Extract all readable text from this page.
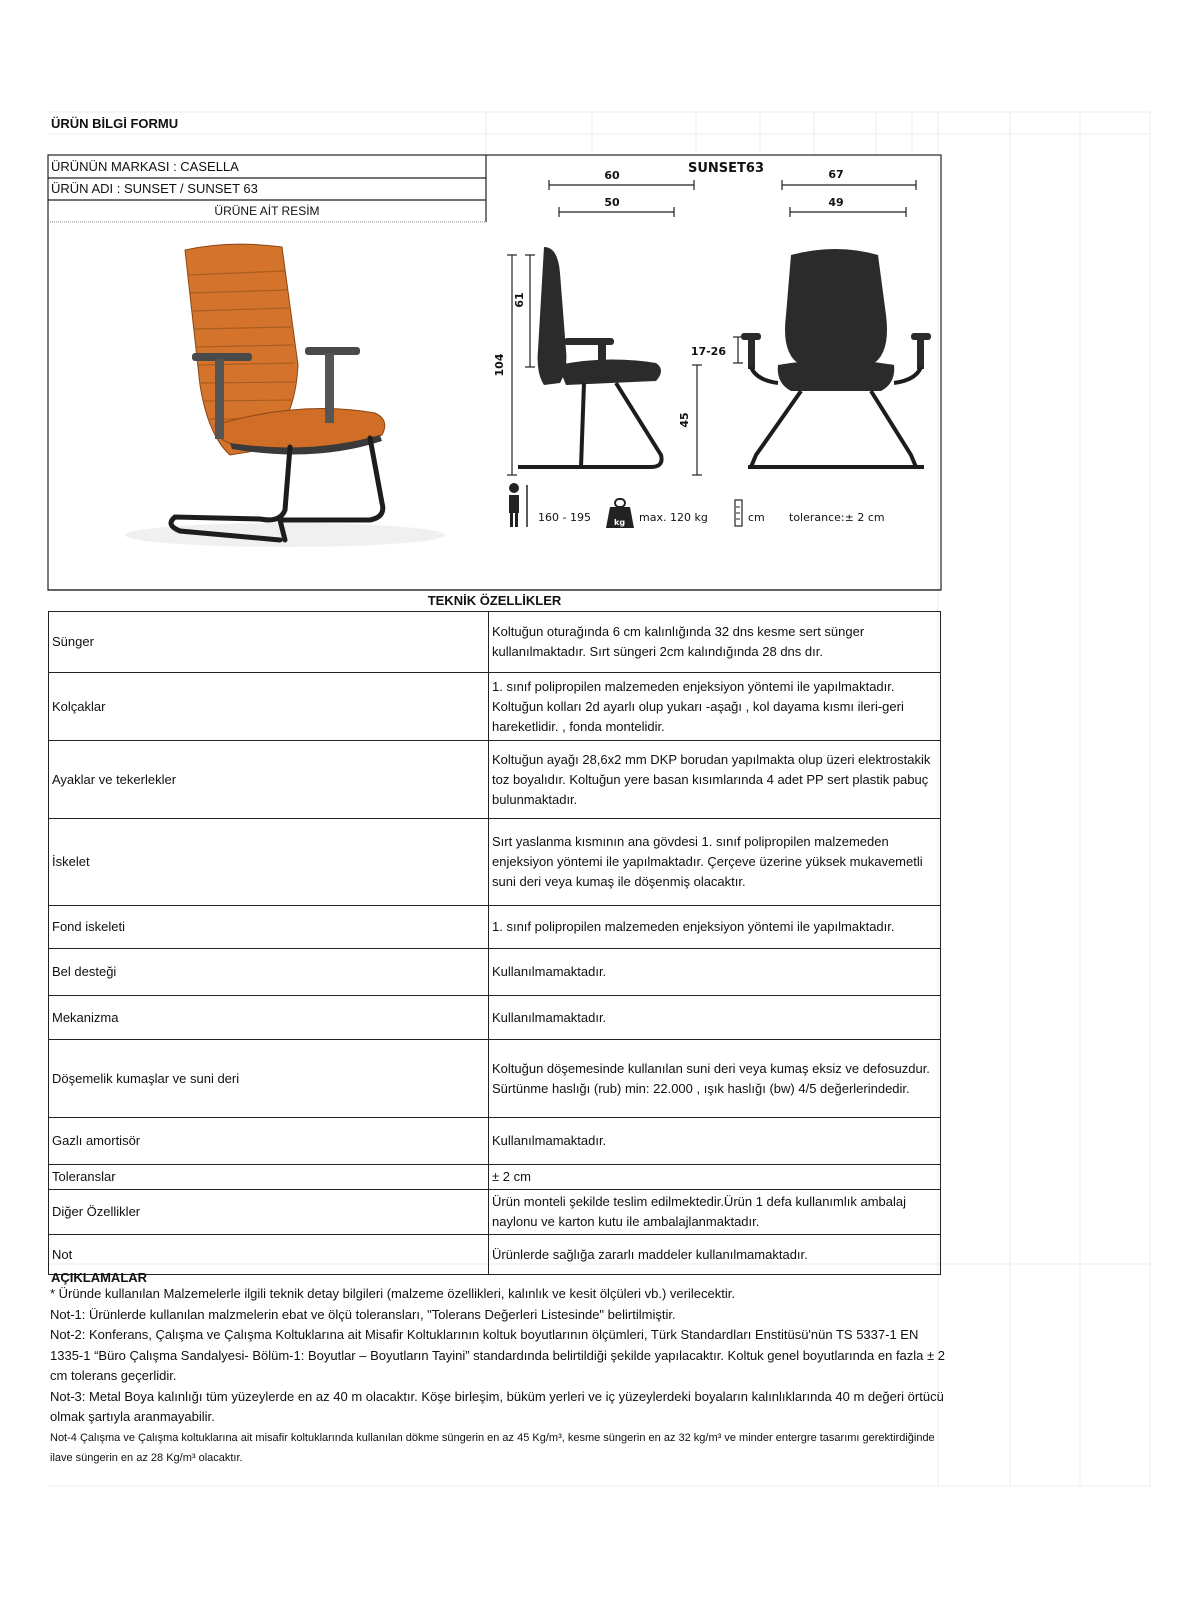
ÜRÜN BİLGİ FORMU
ÜRÜNÜN MARKASI : CASELLA
ÜRÜN ADI : SUNSET / SUNSET 63
ÜRÜNE AİT RESİM
SUNSET63
60
50
67
49
104
61
45
17-26
kg
160 - 195	max. 120 kg	cm tolerance:± 2 cm
TEKNİK ÖZELLİKLER
Sünger	Koltuğun oturağında 6 cm kalınlığında 32 dns kesme sert sünger kullanılmaktadır. Sırt süngeri 2cm kalındığında 28 dns dır.
Kolçaklar	1. sınıf polipropilen malzemeden enjeksiyon yöntemi ile yapılmaktadır. Koltuğun kolları 2d ayarlı olup yukarı -aşağı , kol dayama kısmı ileri-geri hareketlidir. , fonda montelidir.
Ayaklar ve tekerlekler	Koltuğun ayağı 28,6x2 mm DKP borudan yapılmakta olup üzeri elektrostakik toz boyalıdır. Koltuğun yere basan kısımlarında 4 adet PP sert plastik pabuç bulunmaktadır.
İskelet	Sırt yaslanma kısmının ana gövdesi 1. sınıf polipropilen malzemeden enjeksiyon yöntemi ile yapılmaktadır. Çerçeve üzerine yüksek mukavemetli suni deri veya kumaş ile döşenmiş olacaktır.
Fond iskeleti	1. sınıf polipropilen malzemeden enjeksiyon yöntemi ile yapılmaktadır.
Bel desteği	Kullanılmamaktadır.
Mekanizma	Kullanılmamaktadır.
Döşemelik kumaşlar ve suni deri	Koltuğun döşemesinde kullanılan suni deri veya kumaş eksiz ve defosuzdur. Sürtünme haslığı (rub) min: 22.000 , ışık haslığı (bw) 4/5 değerlerindedir.
Gazlı amortisör	Kullanılmamaktadır.
Toleranslar	± 2 cm
Diğer Özellikler	Ürün monteli şekilde teslim edilmektedir.Ürün 1 defa kullanımlık ambalaj naylonu ve karton kutu ile ambalajlanmaktadır.
Not	Ürünlerde sağlığa zararlı maddeler kullanılmamaktadır.
AÇIKLAMALAR

* Üründe kullanılan Malzemelerle ilgili teknik detay bilgileri (malzeme özellikleri, kalınlık ve kesit ölçüleri vb.) verilecektir.

Not-1: Ürünlerde kullanılan malzmelerin ebat ve ölçü toleransları, "Tolerans Değerleri Listesinde" belirtilmiştir.

Not-2: Konferans, Çalışma ve Çalışma Koltuklarına ait Misafir Koltuklarının koltuk boyutlarının ölçümleri, Türk Standardları Enstitüsü'nün TS 5337-1 EN 1335-1 “Büro Çalışma Sandalyesi- Bölüm-1: Boyutlar – Boyutların Tayini” standardında belirtildiği şekilde yapılacaktır. Koltuk genel boyutlarında en fazla ± 2 cm tolerans geçerlidir.

Not-3: Metal Boya kalınlığı tüm yüzeylerde en az 40 m olacaktır. Köşe birleşim, büküm yerleri ve iç yüzeylerdeki boyaların kalınlıklarında 40 m değeri örtücü olmak şartıyla aranmayabilir.

Not-4 Çalışma ve Çalışma koltuklarına ait misafir koltuklarında kullanılan dökme süngerin en az 45 Kg/m³, kesme süngerin en az 32 kg/m³ ve minder entergre tasarımı gerektirdiğinde ilave süngerin en az 28 Kg/m³ olacaktır.
